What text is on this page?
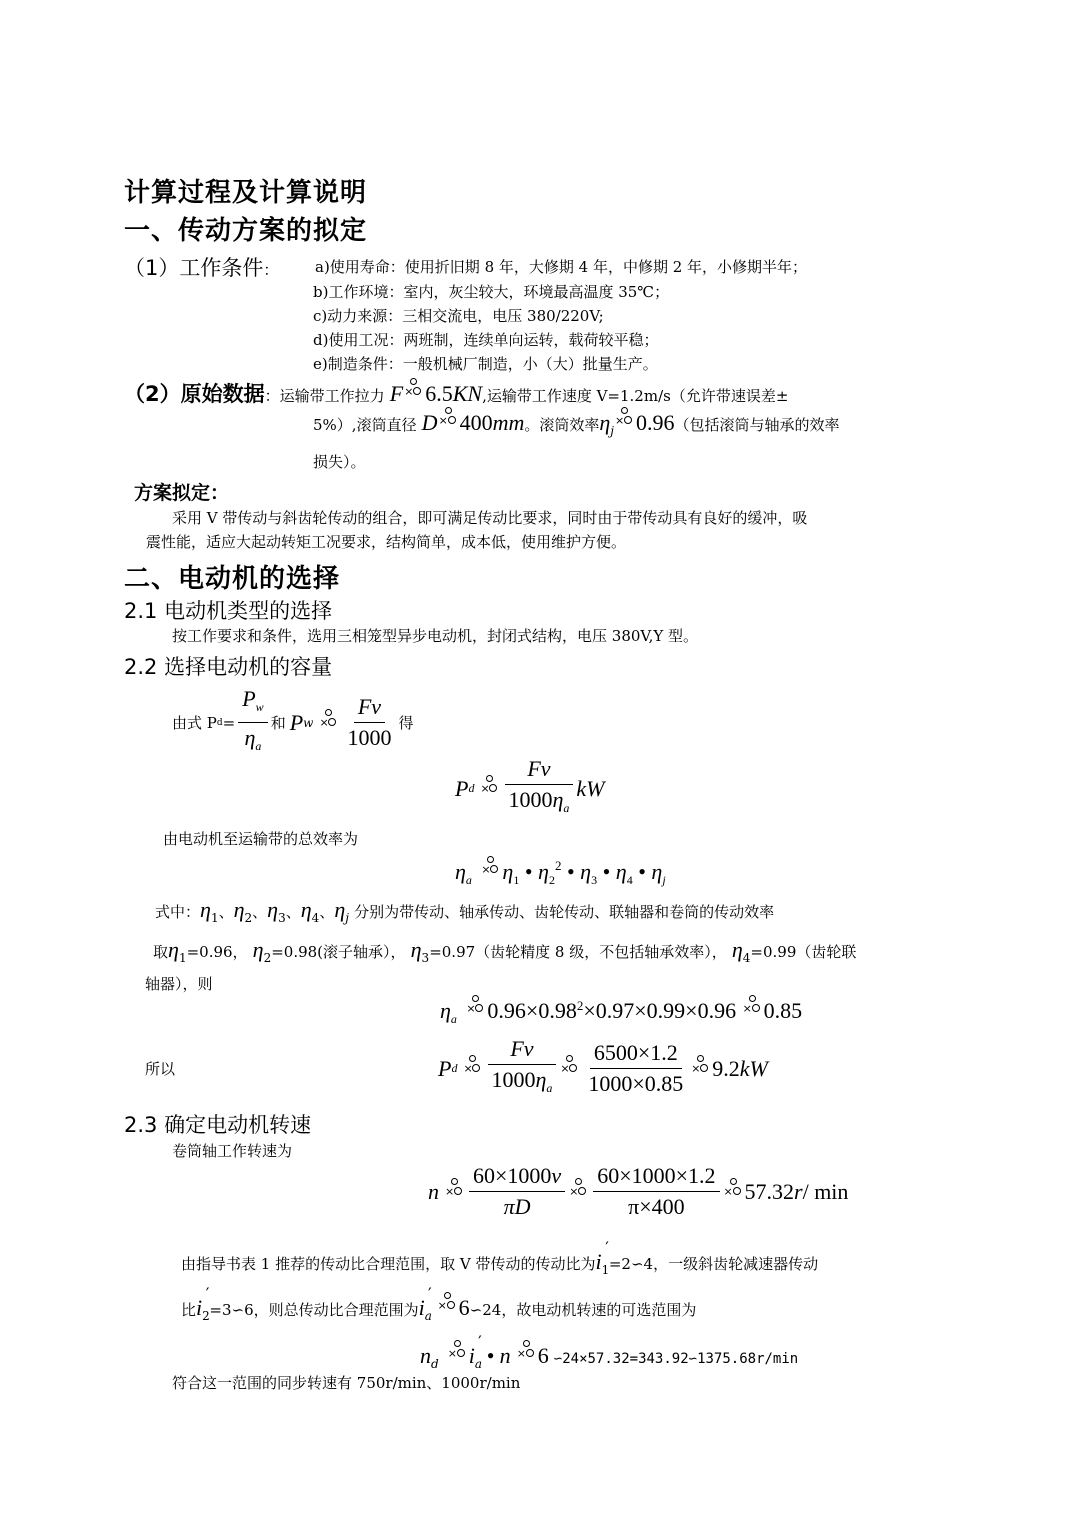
计算过程及计算说明
一、传动方案的拟定
（1）工作条件： a)使用寿命：使用折旧期 8 年，大修期 4 年，中修期 2 年，小修期半年；
b)工作环境：室内，灰尘较大，环境最高温度 35℃；
c)动力来源：三相交流电，电压 380/220V;
d)使用工况：两班制，连续单向运转，载荷较平稳；
e)制造条件：一般机械厂制造，小（大）批量生产。
（2）原始数据：运输带工作拉力 F × 6.5KN,运输带工作速度 V=1.2m/s（允许带速误差±
5%）,滚筒直径 D × 400mm。滚筒效率$\eta_j$
× 0.96（包括滚筒与轴承的效率
损失）。
方案拟定：
采用 V 带传动与斜齿轮传动的组合，即可满足传动比要求，同时由于带传动具有良好的缓冲，吸
震性能，适应大起动转矩工况要求，结构简单，成本低，使用维护方便。
二、电动机的选择
2.1 电动机类型的选择
按工作要求和条件，选用三相笼型异步电动机，封闭式结构，电压 380V,Y 型。
2.2 选择电动机的容量
由式 P $d = \frac{P_w}{\eta_a}$ 和 P $w \times \frac{Fv}{1000}$ 得
P $d \times \frac{Fv}{1000\eta_a}$ kW
由电动机至运输带的总效率为
$\eta_a$
× $\eta_1$ • $\eta_2^2$ • $\eta_3$ • $\eta_4$ • $\eta_j$
式中：$\eta_1$、$\eta_2$、$\eta_3$、$\eta_4$、$\eta_j$ 分别为带传动、轴承传动、齿轮传动、联轴器和卷筒的传动效率
取$\eta_1=0.96$， $\eta_2=0.98$(滚子轴承）， $\eta_3=0.97$（齿轮精度 8 级，不包括轴承效率）， $\eta_4=0.99$（齿轮联
轴器），则
$\eta_a$
× $0.96\times 0.98^2\times 0.97\times 0.99\times 0.96 \times 0.85$
所以	P $d \times \frac{Fv}{1000\eta_a} \times \frac{6500\times 1.2}{1000\times 0.85} \times 9.2$ kW
2.3 确定电动机转速
卷筒轴工作转速为
$n \times \frac{60\times 1000v}{\pi D} \times \frac{60\times 1000\times 1.2}{\pi\times 400} \times 57.32$ r / min
由指导书表 1 推荐的传动比合理范围，取 V 带传动的传动比为$i_1'=2∽4$，一级斜齿轮减速器传动
比$i_2'=3∽6$，则总传动比合理范围为$i_a'$
× 6∽24，故电动机转速的可选范围为
$n_d$
× $i_a'$ • n × 6 ∽24×57.32=343.92∽1375.68r/min
符合这一范围的同步转速有 750r/min、1000r/min
